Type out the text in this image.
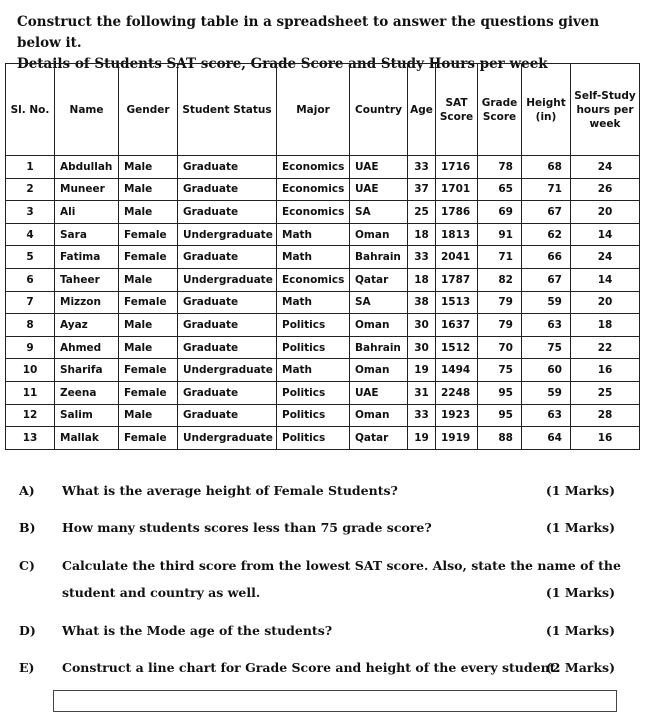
Construct the following table in a spreadsheet to answer the questions given below it.
Details of Students SAT score, Grade Score and Study Hours per week
Sl. No.	Name	Gender	Student Status	Major	Country	Age	SAT Score	Grade Score	Height (in)	Self-Study hours per week
1	Abdullah	Male	Graduate	Economics	UAE	33	1716	78	68	24
2	Muneer	Male	Graduate	Economics	UAE	37	1701	65	71	26
3	Ali	Male	Graduate	Economics	SA	25	1786	69	67	20
4	Sara	Female	Undergraduate	Math	Oman	18	1813	91	62	14
5	Fatima	Female	Graduate	Math	Bahrain	33	2041	71	66	24
6	Taheer	Male	Undergraduate	Economics	Qatar	18	1787	82	67	14
7	Mizzon	Female	Graduate	Math	SA	38	1513	79	59	20
8	Ayaz	Male	Graduate	Politics	Oman	30	1637	79	63	18
9	Ahmed	Male	Graduate	Politics	Bahrain	30	1512	70	75	22
10	Sharifa	Female	Undergraduate	Math	Oman	19	1494	75	60	16
11	Zeena	Female	Graduate	Politics	UAE	31	2248	95	59	25
12	Salim	Male	Graduate	Politics	Oman	33	1923	95	63	28
13	Mallak	Female	Undergraduate	Politics	Qatar	19	1919	88	64	16
A) What is the average height of Female Students?	(1 Marks)
B) How many students scores less than 75 grade score?	(1 Marks)
C) Calculate the third score from the lowest SAT score. Also, state the name of the
student and country as well.	(1 Marks)
D) What is the Mode age of the students?	(1 Marks)
E) Construct a line chart for Grade Score and height of the every student.
(2 Marks)
